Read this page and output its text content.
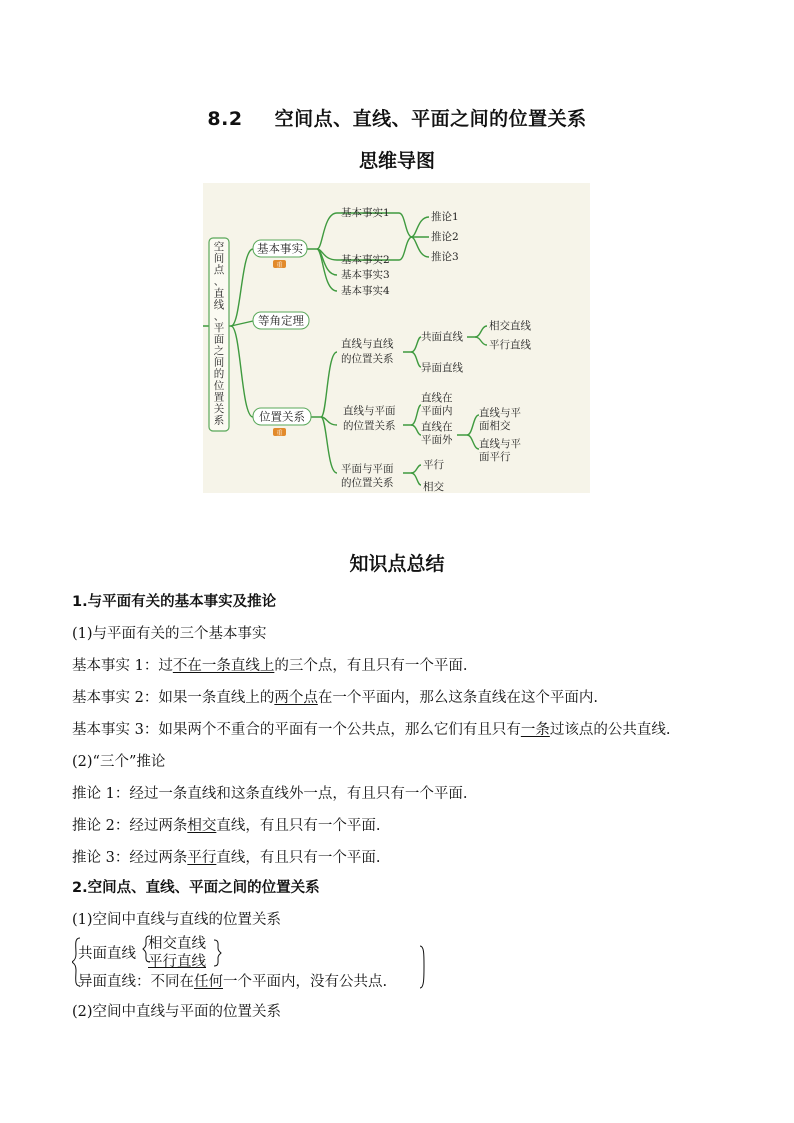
8.2 空间点、直线、平面之间的位置关系
思维导图
空间点、直线、平面之间的位置关系
基本事实
重
等角定理
位置关系
重
基本事实1
基本事实2
基本事实3
基本事实4
推论1
推论2
推论3
直线与直线
的位置关系
共面直线
相交直线
平行直线
异面直线
直线与平面
的位置关系
直线在
平面内
直线在
平面外
直线与平
面相交
直线与平
面平行
平面与平面
的位置关系
平行
相交
知识点总结
1.与平面有关的基本事实及推论
(1)与平面有关的三个基本事实
基本事实 1：过不在一条直线上的三个点，有且只有一个平面.
基本事实 2：如果一条直线上的两个点在一个平面内，那么这条直线在这个平面内.
基本事实 3：如果两个不重合的平面有一个公共点，那么它们有且只有一条过该点的公共直线.
(2)“三个”推论
推论 1：经过一条直线和这条直线外一点，有且只有一个平面.
推论 2：经过两条相交直线，有且只有一个平面.
推论 3：经过两条平行直线，有且只有一个平面.
2.空间点、直线、平面之间的位置关系
(1)空间中直线与直线的位置关系
共面直线
相交直线
平行直线
异面直线：不同在任何一个平面内，没有公共点.
(2)空间中直线与平面的位置关系
